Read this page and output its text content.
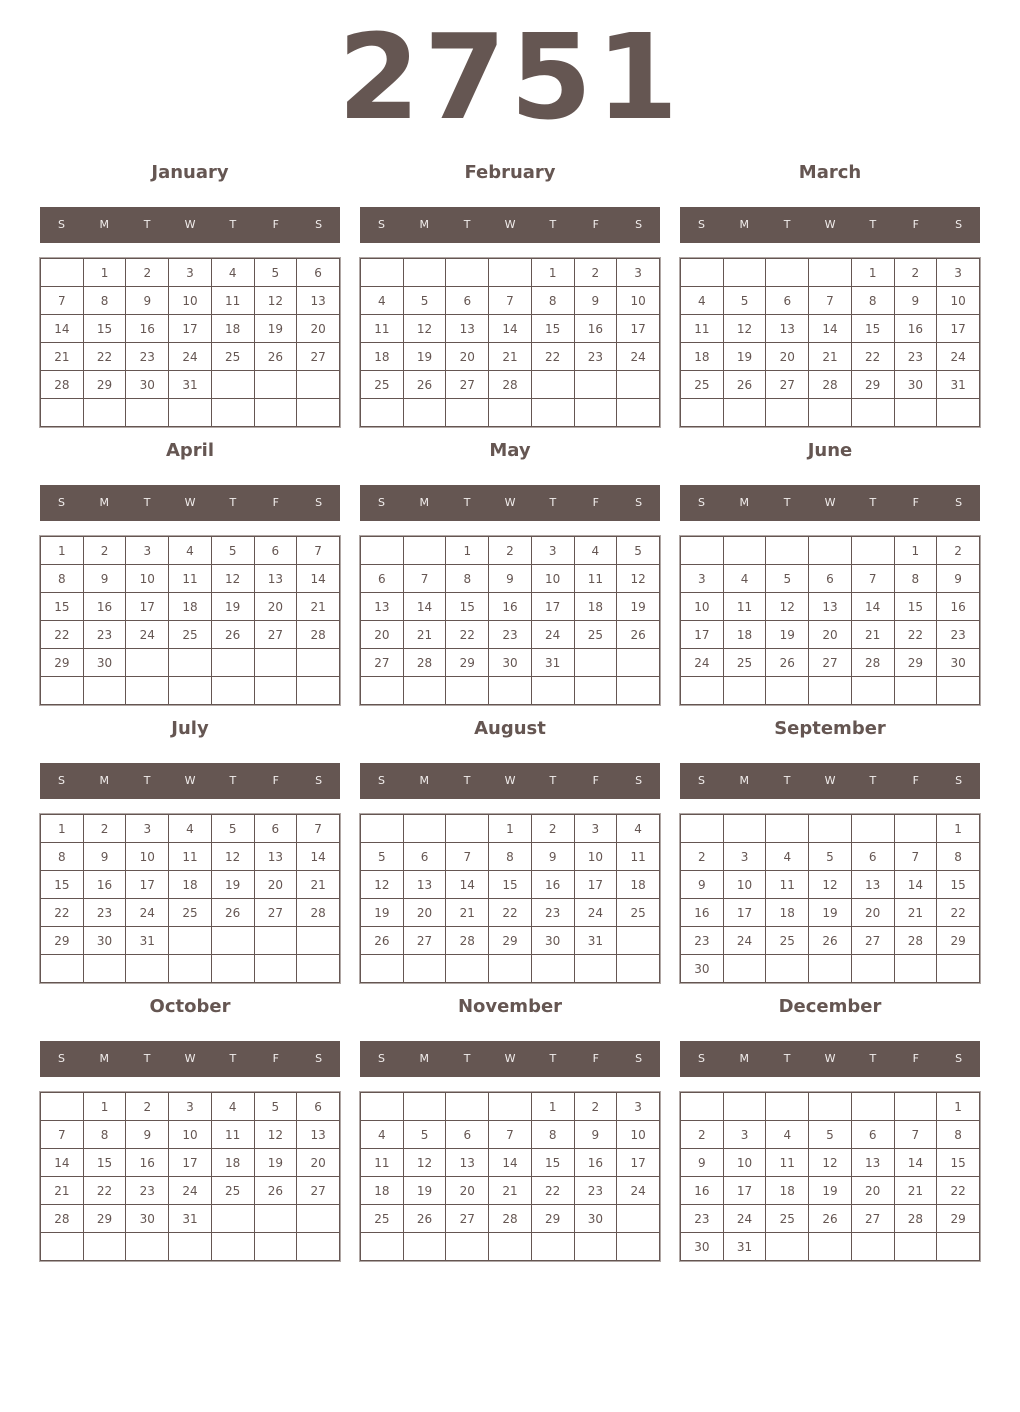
2751
January
S	M	T	W	T	F	S
	1	2	3	4	5	6
7	8	9	10	11	12	13
14	15	16	17	18	19	20
21	22	23	24	25	26	27
28	29	30	31			

February
S	M	T	W	T	F	S
				1	2	3
4	5	6	7	8	9	10
11	12	13	14	15	16	17
18	19	20	21	22	23	24
25	26	27	28			

March
S	M	T	W	T	F	S
				1	2	3
4	5	6	7	8	9	10
11	12	13	14	15	16	17
18	19	20	21	22	23	24
25	26	27	28	29	30	31

April
S	M	T	W	T	F	S
1	2	3	4	5	6	7
8	9	10	11	12	13	14
15	16	17	18	19	20	21
22	23	24	25	26	27	28
29	30					

May
S	M	T	W	T	F	S
		1	2	3	4	5
6	7	8	9	10	11	12
13	14	15	16	17	18	19
20	21	22	23	24	25	26
27	28	29	30	31		

June
S	M	T	W	T	F	S
					1	2
3	4	5	6	7	8	9
10	11	12	13	14	15	16
17	18	19	20	21	22	23
24	25	26	27	28	29	30

July
S	M	T	W	T	F	S
1	2	3	4	5	6	7
8	9	10	11	12	13	14
15	16	17	18	19	20	21
22	23	24	25	26	27	28
29	30	31				

August
S	M	T	W	T	F	S
			1	2	3	4
5	6	7	8	9	10	11
12	13	14	15	16	17	18
19	20	21	22	23	24	25
26	27	28	29	30	31	

September
S	M	T	W	T	F	S
						1
2	3	4	5	6	7	8
9	10	11	12	13	14	15
16	17	18	19	20	21	22
23	24	25	26	27	28	29
30						
October
S	M	T	W	T	F	S
	1	2	3	4	5	6
7	8	9	10	11	12	13
14	15	16	17	18	19	20
21	22	23	24	25	26	27
28	29	30	31			

November
S	M	T	W	T	F	S
				1	2	3
4	5	6	7	8	9	10
11	12	13	14	15	16	17
18	19	20	21	22	23	24
25	26	27	28	29	30	

December
S	M	T	W	T	F	S
						1
2	3	4	5	6	7	8
9	10	11	12	13	14	15
16	17	18	19	20	21	22
23	24	25	26	27	28	29
30	31					
